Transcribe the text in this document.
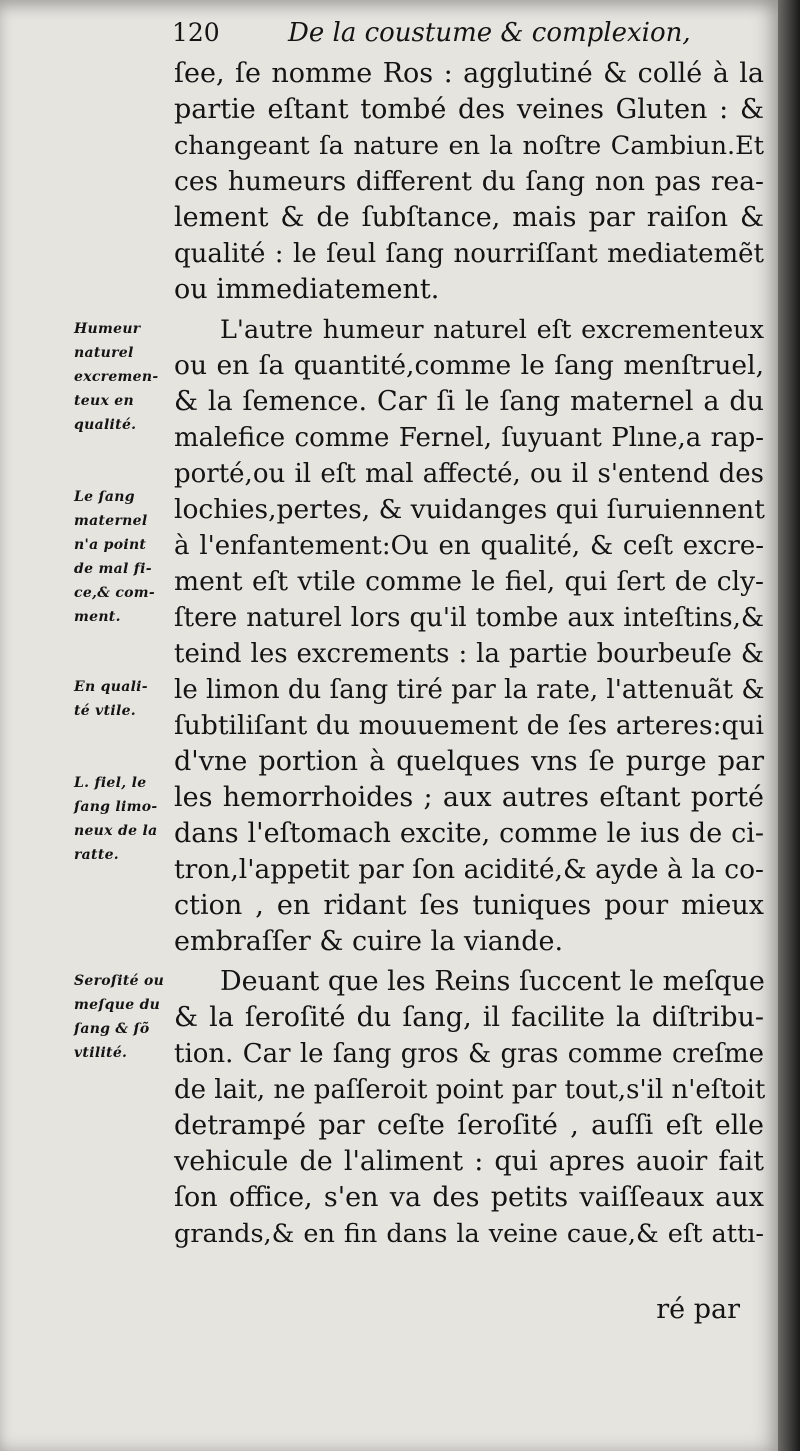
120	De la coustume & complexion,
ſee, ſe nomme Ros : agglutiné & collé à la
partie eſtant tombé des veines Gluten : &
changeant ſa nature en la noſtre Cambiun.Et
ces humeurs different du ſang non pas rea-
lement & de ſubſtance, mais par raiſon &
qualité : le ſeul ſang nourriſſant mediatemẽt
ou immediatement.
L'autre humeur naturel eſt excrementeux
ou en ſa quantité,comme le ſang menſtruel,
& la ſemence. Car ſi le ſang maternel a du
malefice comme Fernel, ſuyuant Plıne,a rap-
porté,ou il eſt mal affecté, ou il s'entend des
lochies,pertes, & vuidanges qui ſuruiennent
à l'enfantement:Ou en qualité, & ceſt excre-
ment eſt vtile comme le fiel, qui ſert de cly-
ſtere naturel lors qu'il tombe aux inteſtins,&
teind les excrements : la partie bourbeuſe &
le limon du ſang tiré par la rate, l'attenuãt &
ſubtiliſant du mouuement de ſes arteres:qui
d'vne portion à quelques vns ſe purge par
les hemorrhoides ; aux autres eſtant porté
dans l'eſtomach excite, comme le ius de ci-
tron,l'appetit par ſon acidité,& ayde à la co-
ction , en ridant ſes tuniques pour mieux
embraſſer & cuire la viande.
Deuant que les Reins ſuccent le meſque
& la ſeroſité du ſang, il facilite la diſtribu-
tion. Car le ſang gros & gras comme creſme
de lait, ne paſſeroit point par tout,s'il n'eſtoit
detrampé par ceſte ſeroſité , auſſi eſt elle
vehicule de l'aliment : qui apres auoir fait
ſon office, s'en va des petits vaiſſeaux aux
grands,& en fin dans la veine caue,& eſt attı-
ré par
Humeur
naturel
excremen-
teux en
qualité.
Le ſang
maternel
n'a point
de mal fi-
ce,& com-
ment.
En quali-
té vtile.
L. fiel, le
ſang limo-
neux de la
ratte.
Seroſité ou
meſque du
ſang & ſõ
vtilité.
